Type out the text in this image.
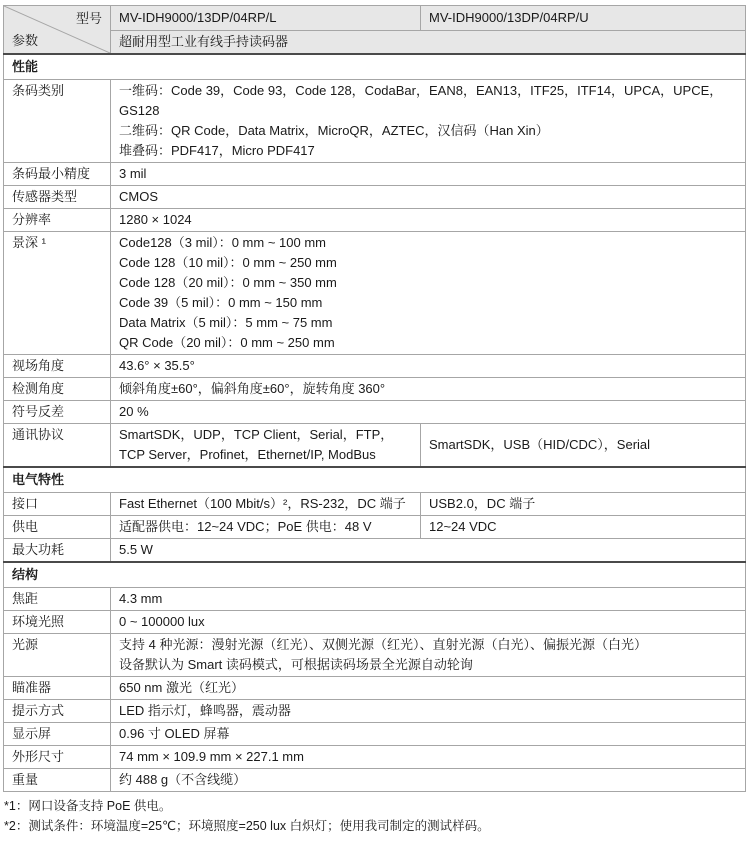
型号
参数	MV-IDH9000/13DP/04RP/L	MV-IDH9000/13DP/04RP/U
	超耐用型工业有线手持读码器	
性能		
条码类别	一维码：Code 39，Code 93，Code 128，CodaBar，EAN8，EAN13，ITF25，ITF14，UPCA，UPCE，
GS128
二维码：QR Code，Data Matrix，MicroQR，AZTEC，汉信码（Han Xin）
堆叠码：PDF417，Micro PDF417	

条码最小精度	3 mil	
传感器类型	CMOS	
分辨率	1280 × 1024	
景深 ¹	Code128（3 mil）：0 mm ~ 100 mm
Code 128（10 mil）：0 mm ~ 250 mm
Code 128（20 mil）：0 mm ~ 350 mm
Code 39（5 mil）：0 mm ~ 150 mm
Data Matrix（5 mil）：5 mm ~ 75 mm
QR Code（20 mil）：0 mm ~ 250 mm

视场角度	43.6° × 35.5°	
检测角度	倾斜角度±60°，偏斜角度±60°，旋转角度 360°	
符号反差	20 %	
通讯协议	SmartSDK，UDP，TCP Client，Serial，FTP，
TCP Server，Profinet，Ethernet/IP, ModBus	SmartSDK，USB（HID/CDC），Serial
电气特性		
接口	Fast Ethernet（100 Mbit/s）²，RS-232，DC 端子	USB2.0，DC 端子
供电	适配器供电：12~24 VDC；PoE 供电：48 V	12~24 VDC
最大功耗	5.5 W	
结构		
焦距	4.3 mm	
环境光照	0 ~ 100000 lux	
光源	支持 4 种光源：漫射光源（红光）、双侧光源（红光）、直射光源（白光）、偏振光源（白光）
设备默认为 Smart 读码模式，可根据读码场景全光源自动轮询	

瞄准器	650 nm 激光（红光）	
提示方式	LED 指示灯，蜂鸣器，震动器	
显示屏	0.96 寸 OLED 屏幕	
外形尺寸	74 mm × 109.9 mm × 227.1 mm	
重量	约 488 g（不含线缆）	
*1：网口设备支持 PoE 供电。
*2：测试条件：环境温度=25℃；环境照度=250 lux 白炽灯；使用我司制定的测试样码。
